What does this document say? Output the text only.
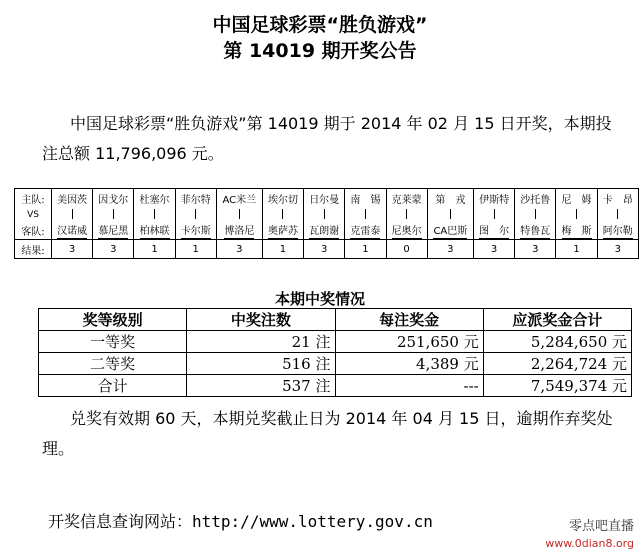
中国足球彩票“胜负游戏”
第 14019 期开奖公告
中国足球彩票“胜负游戏”第 14019 期于 2014 年 02 月 15 日开奖，本期投注总额 11,796,096 元。
主队:	美因茨	因戈尔	杜塞尔	菲尔特	AC米兰	埃尔切	日尔曼	南　锡	克莱蒙	第　戎	伊斯特	沙托鲁	尼　姆	卡　昂
VS														
客队:	汉诺威	慕尼黑	柏林联	卡尔斯	博洛尼	奥萨苏	瓦朗谢	克雷泰	尼奥尔	CA巴斯	图　尔	特鲁瓦	梅　斯	阿尔勒
结果:	3	3	1	1	3	1	3	1	0	3	3	3	1	3
本期中奖情况
奖等级别	中奖注数	每注奖金	应派奖金合计
一等奖	21 注	251,650 元	5,284,650 元
二等奖	516 注	4,389 元	2,264,724 元
合计	537 注	---	7,549,374 元
兑奖有效期 60 天，本期兑奖截止日为 2014 年 04 月 15 日，逾期作弃奖处理。
开奖信息查询网站：http://www.lottery.gov.cn	零点吧直播
www.0dian8.org
